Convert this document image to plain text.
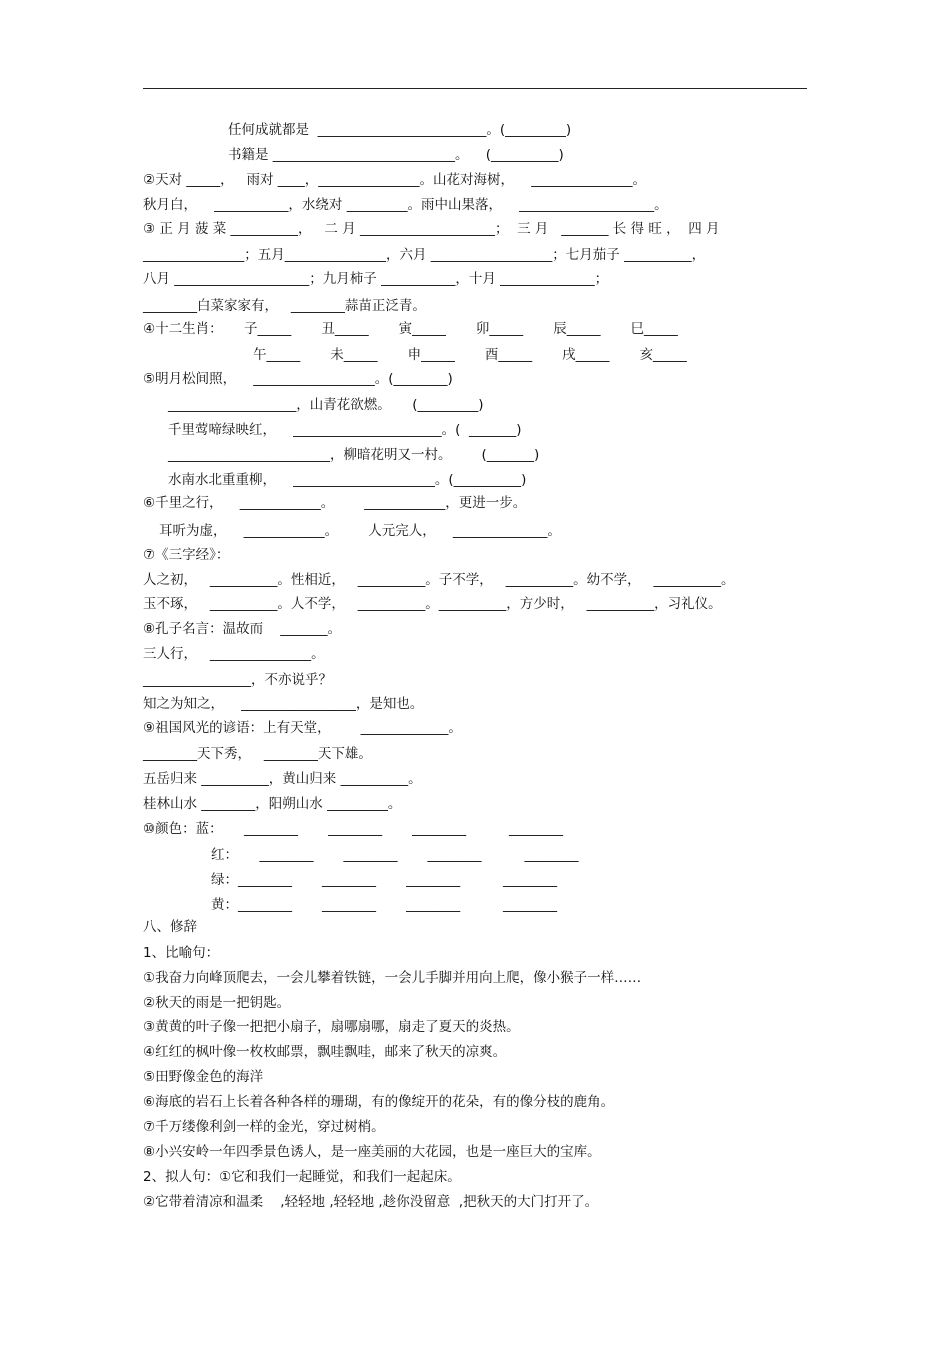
任何成就都是  _________________________。(_________)
书籍是 ___________________________。    (__________)
②天对 _____，   雨对 ____，_______________。山花对海树，    _______________。
秋月白，    ___________，水绕对 _________。雨中山果落，    ____________________。
③ 正 月 菠 菜 __________，   二 月 ____________________；  三 月   _______ 长 得 旺 ，  四 月
_______________；五月_______________，六月 __________________；七月茄子 __________，
八月 ____________________；九月柿子 ___________，十月 ______________；
________白菜家家有，   ________蒜苗正泛青。
④十二生肖：     子_____       丑_____       寅_____       卯_____       辰_____       巳_____
午_____       未_____       申_____       酉_____       戌_____       亥_____
⑤明月松间照，    __________________。(________)
___________________，山青花欲燃。     (_________)
千里莺啼绿映红，    ______________________。(  _______)
________________________，柳暗花明又一村。       (_______)
水南水北重重柳，    _____________________。(__________)
⑥千里之行，    ____________。       ____________，更进一步。
耳听为虚，    ____________。       人元完人，    ______________。
⑦《三字经》：
人之初，   __________。性相近，   __________。子不学，   __________。幼不学，   __________。
玉不琢，   __________。人不学，   __________。__________，方少时，   __________，习礼仪。
⑧孔子名言：温故而    _______。
三人行，   _______________。
________________，不亦说乎？
知之为知之，    _________________，是知也。
⑨祖国风光的谚语：上有天堂，       _____________。
________天下秀，   ________天下雄。
五岳归来 __________，黄山归来 __________。
桂林山水 ________，阳朔山水 _________。
⑩颜色：蓝：     ________       ________       ________          ________
红：     ________       ________       ________          ________
绿：________       ________       ________          ________
黄：________       ________       ________          ________
八、修辞
1、比喻句：
①我奋力向峰顶爬去，一会儿攀着铁链，一会儿手脚并用向上爬，像小猴子一样……
②秋天的雨是一把钥匙。
③黄黄的叶子像一把把小扇子，扇哪扇哪，扇走了夏天的炎热。
④红红的枫叶像一枚枚邮票，飘哇飘哇，邮来了秋天的凉爽。
⑤田野像金色的海洋
⑥海底的岩石上长着各种各样的珊瑚，有的像绽开的花朵，有的像分枝的鹿角。
⑦千万缕像利剑一样的金光，穿过树梢。
⑧小兴安岭一年四季景色诱人，是一座美丽的大花园，也是一座巨大的宝库。
2、拟人句：①它和我们一起睡觉，和我们一起起床。
②它带着清凉和温柔    ,轻轻地 ,轻轻地 ,趁你没留意  ,把秋天的大门打开了。
